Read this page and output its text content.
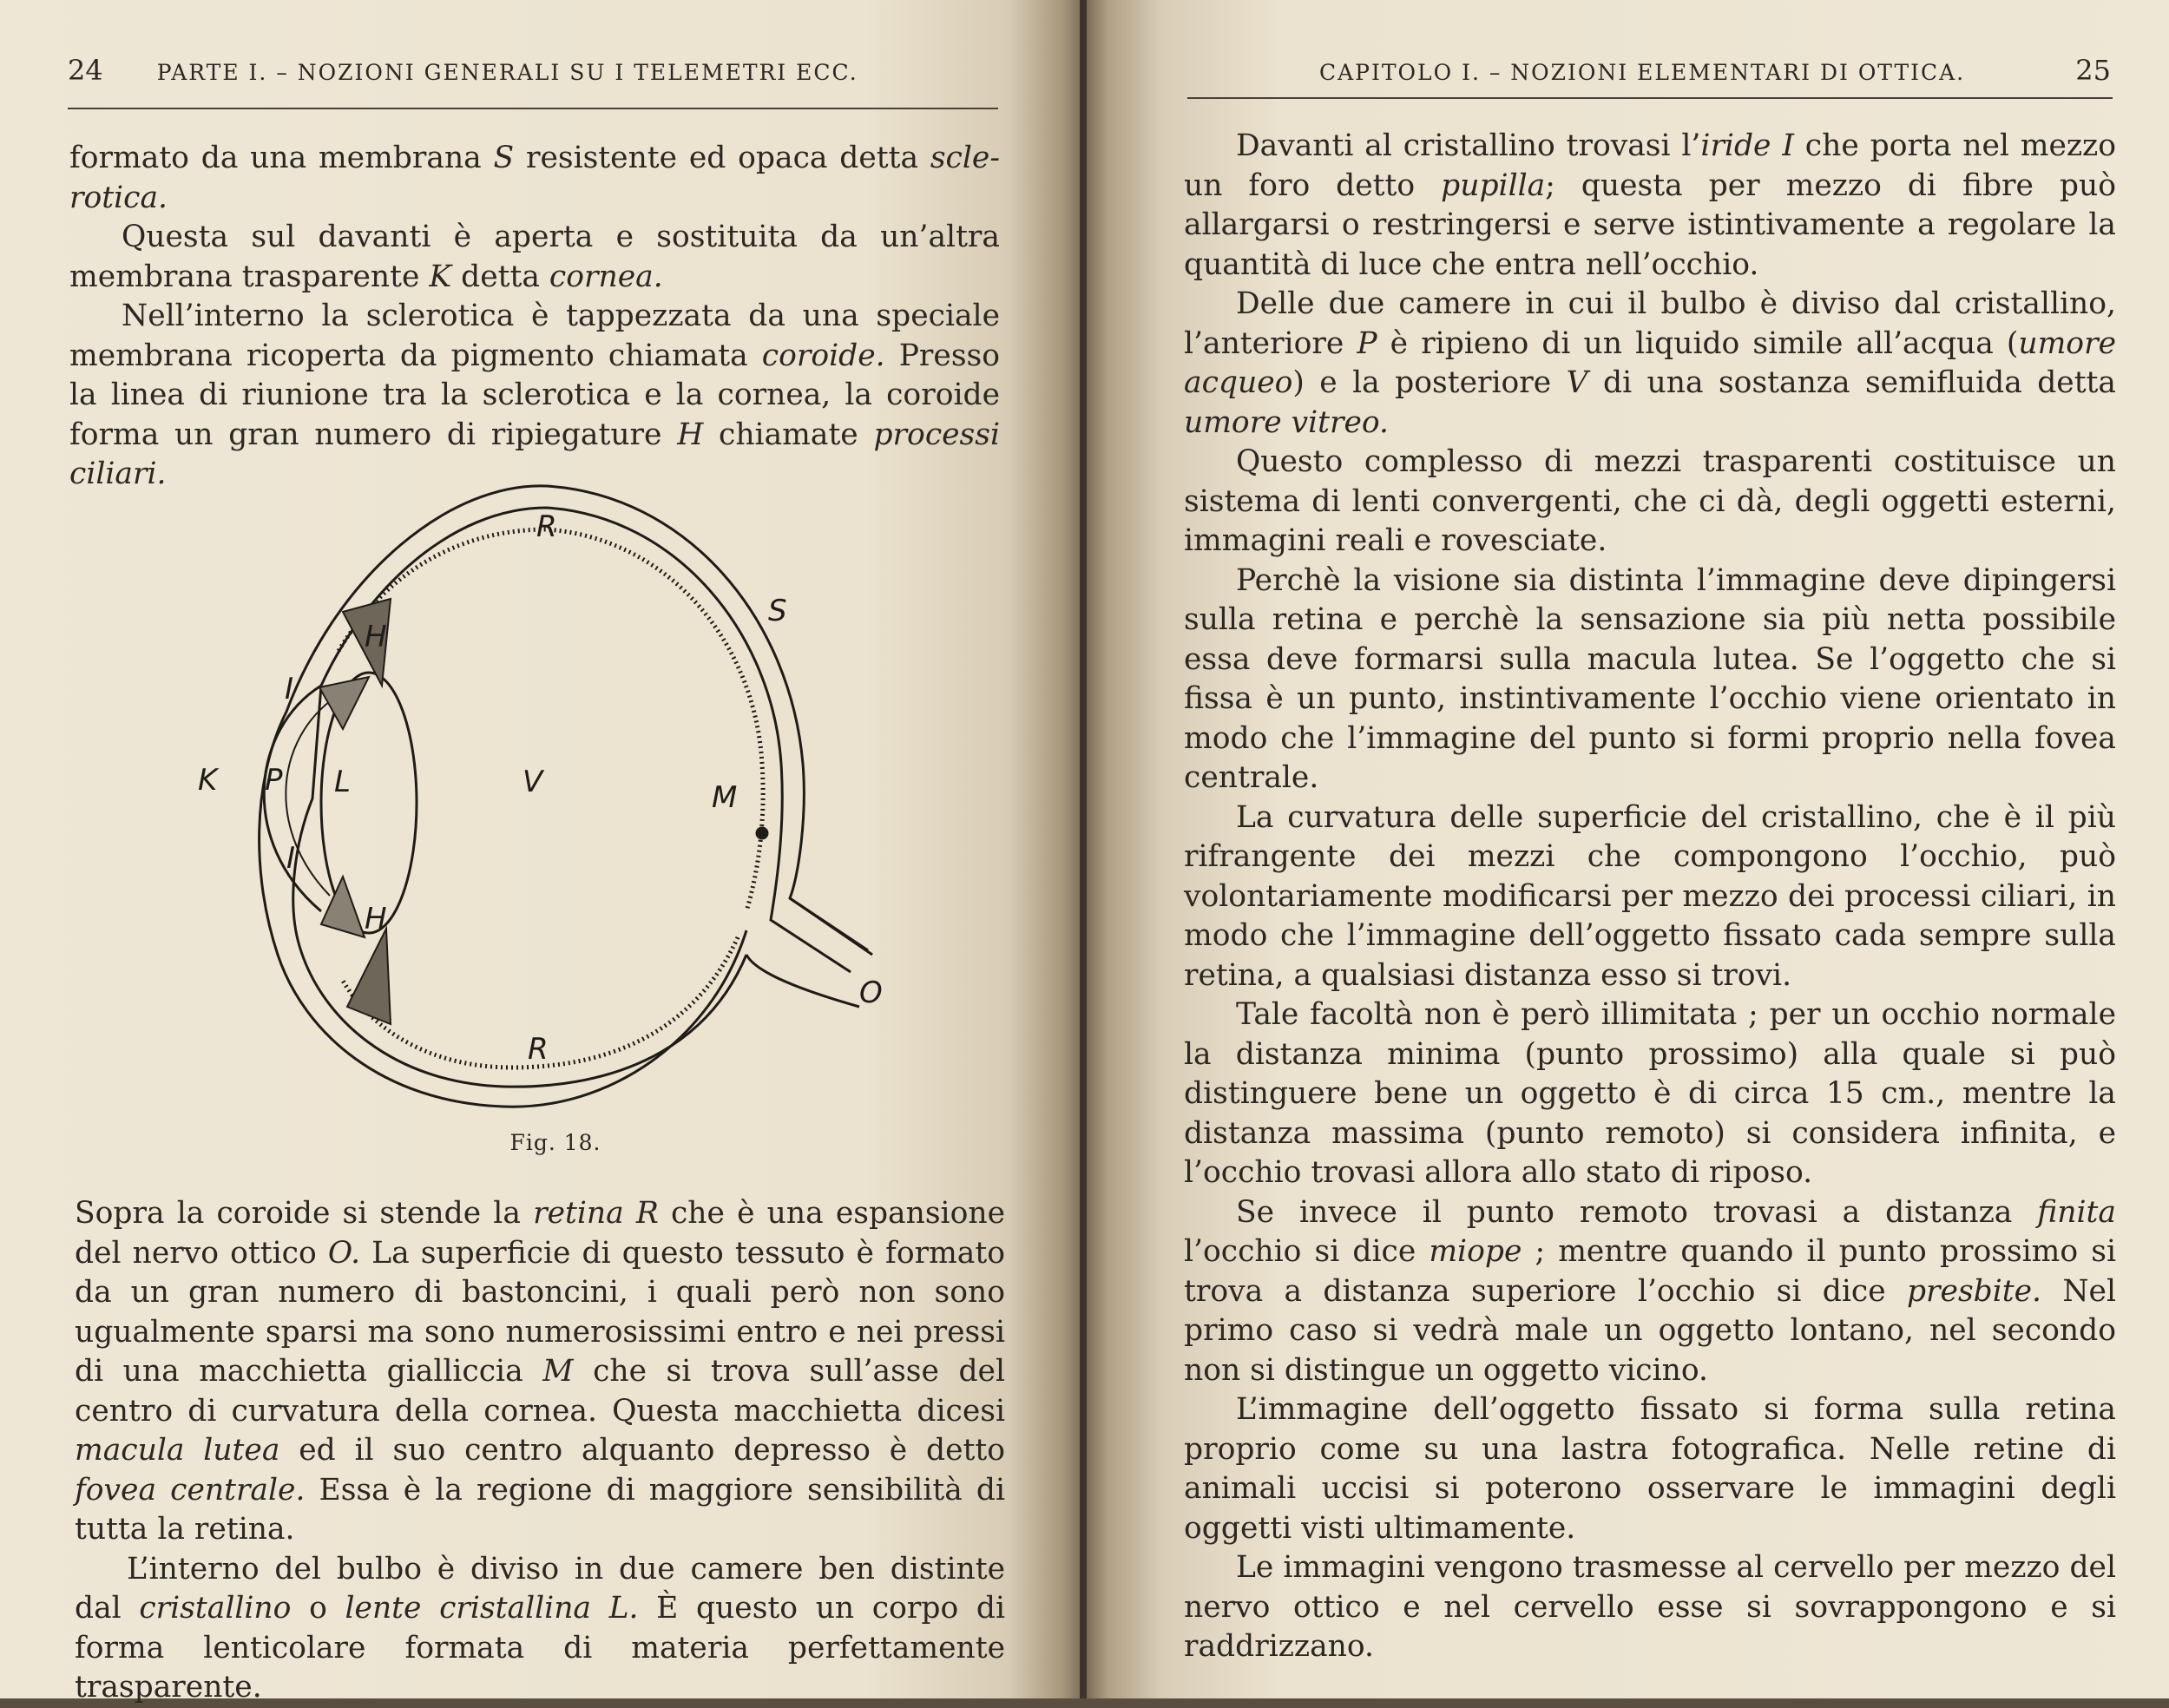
24 PARTE I. – NOZIONI GENERALI SU I TELEMETRI ECC.

formato da una membrana S resistente ed opaca detta scle-rotica.

Questa sul davanti è aperta e sostituita da un’altra membrana trasparente K detta cornea.

Nell’interno la sclerotica è tappezzata da una speciale membrana ricoperta da pigmento chiamata coroide. Presso la linea di riunione tra la sclerotica e la cornea, la coroide forma un gran numero di ripiegature H chiamate processi ciliari.

R
S
H
I
K P L	V	M
I
H
R
O
Fig. 18.

Sopra la coroide si stende la retina R che è una espansione del nervo ottico O. La superficie di questo tessuto è formato da un gran numero di bastoncini, i quali però non sono ugualmente sparsi ma sono numerosissimi entro e nei pressi di una macchietta gialliccia M che si trova sull’asse del centro di curvatura della cornea. Questa macchietta dicesi macula lutea ed il suo centro alquanto depresso è detto fovea centrale. Essa è la regione di maggiore sensibilità di tutta la retina.

L’interno del bulbo è diviso in due camere ben distinte dal cristallino o lente cristallina L. È questo un corpo di forma lenticolare formata di materia perfettamente trasparente.

CAPITOLO I. – NOZIONI ELEMENTARI DI OTTICA.	25

Davanti al cristallino trovasi l’iride I che porta nel mezzo un foro detto pupilla; questa per mezzo di fibre può allargarsi o restringersi e serve istintivamente a regolare la quantità di luce che entra nell’occhio.

Delle due camere in cui il bulbo è diviso dal cristallino, l’anteriore P è ripieno di un liquido simile all’acqua (umore acqueo) e la posteriore V di una sostanza semifluida detta umore vitreo.

Questo complesso di mezzi trasparenti costituisce un sistema di lenti convergenti, che ci dà, degli oggetti esterni, immagini reali e rovesciate.

Perchè la visione sia distinta l’immagine deve dipingersi sulla retina e perchè la sensazione sia più netta possibile essa deve formarsi sulla macula lutea. Se l’oggetto che si fissa è un punto, instintivamente l’occhio viene orientato in modo che l’immagine del punto si formi proprio nella fovea centrale.

La curvatura delle superficie del cristallino, che è il più rifrangente dei mezzi che compongono l’occhio, può volontariamente modificarsi per mezzo dei processi ciliari, in modo che l’immagine dell’oggetto fissato cada sempre sulla retina, a qualsiasi distanza esso si trovi.

Tale facoltà non è però illimitata ; per un occhio normale la distanza minima (punto prossimo) alla quale si può distinguere bene un oggetto è di circa 15 cm., mentre la distanza massima (punto remoto) si considera infinita, e l’occhio trovasi allora allo stato di riposo.

Se invece il punto remoto trovasi a distanza finita l’occhio si dice miope ; mentre quando il punto prossimo si trova a distanza superiore l’occhio si dice presbite. Nel primo caso si vedrà male un oggetto lontano, nel secondo non si distingue un oggetto vicino.

L’immagine dell’oggetto fissato si forma sulla retina proprio come su una lastra fotografica. Nelle retine di animali uccisi si poterono osservare le immagini degli oggetti visti ultimamente.

Le immagini vengono trasmesse al cervello per mezzo del nervo ottico e nel cervello esse si sovrappongono e si raddrizzano.
